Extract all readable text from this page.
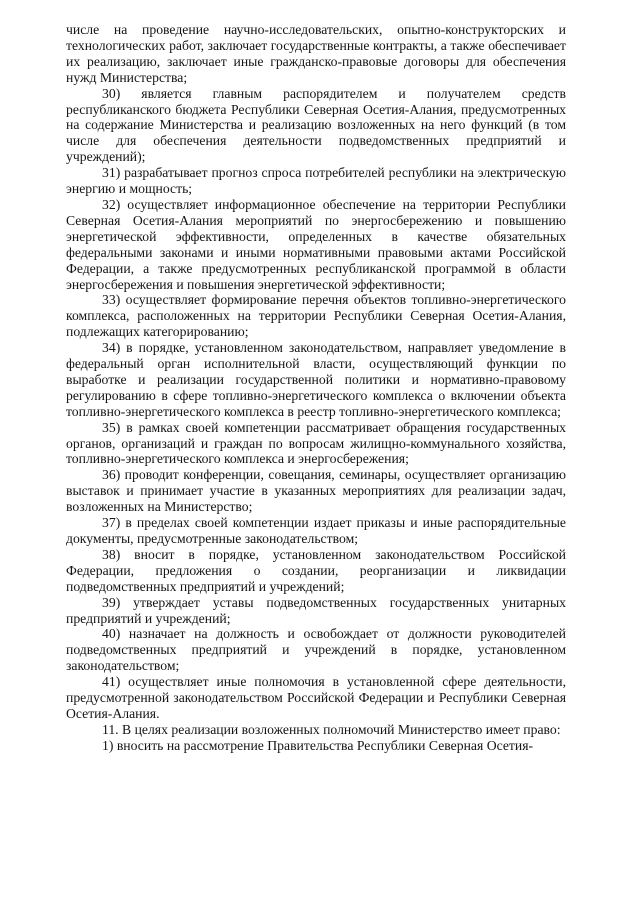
числе на проведение научно-исследовательских, опытно-конструкторских и технологических работ, заключает государственные контракты, а также обеспечивает их реализацию, заключает иные гражданско-правовые договоры для обеспечения нужд Министерства;

30) является главным распорядителем и получателем средств республиканского бюджета Республики Северная Осетия-Алания, предусмотренных на содержание Министерства и реализацию возложенных на него функций (в том числе для обеспечения деятельности подведомственных предприятий и учреждений);

31) разрабатывает прогноз спроса потребителей республики на электрическую энергию и мощность;

32) осуществляет информационное обеспечение на территории Республики Северная Осетия-Алания мероприятий по энергосбережению и повышению энергетической эффективности, определенных в качестве обязательных федеральными законами и иными нормативными правовыми актами Российской Федерации, а также предусмотренных республиканской программой в области энергосбережения и повышения энергетической эффективности;

33) осуществляет формирование перечня объектов топливно-энергетического комплекса, расположенных на территории Республики Северная Осетия-Алания, подлежащих категорированию;

34) в порядке, установленном законодательством, направляет уведомление в федеральный орган исполнительной власти, осуществляющий функции по выработке и реализации государственной политики и нормативно-правовому регулированию в сфере топливно-энергетического комплекса о включении объекта топливно-энергетического комплекса в реестр топливно-энергетического комплекса;

35) в рамках своей компетенции рассматривает обращения государственных органов, организаций и граждан по вопросам жилищно-коммунального хозяйства, топливно-энергетического комплекса и энергосбережения;

36) проводит конференции, совещания, семинары, осуществляет организацию выставок и принимает участие в указанных мероприятиях для реализации задач, возложенных на Министерство;

37) в пределах своей компетенции издает приказы и иные распорядительные документы, предусмотренные законодательством;

38) вносит в порядке, установленном законодательством Российской Федерации, предложения о создании, реорганизации и ликвидации подведомственных предприятий и учреждений;

39) утверждает уставы подведомственных государственных унитарных предприятий и учреждений;

40) назначает на должность и освобождает от должности руководителей подведомственных предприятий и учреждений в порядке, установленном законодательством;

41) осуществляет иные полномочия в установленной сфере деятельности, предусмотренной законодательством Российской Федерации и Республики Северная Осетия-Алания.

11. В целях реализации возложенных полномочий Министерство имеет право:

1) вносить на рассмотрение Правительства Республики Северная Осетия-
